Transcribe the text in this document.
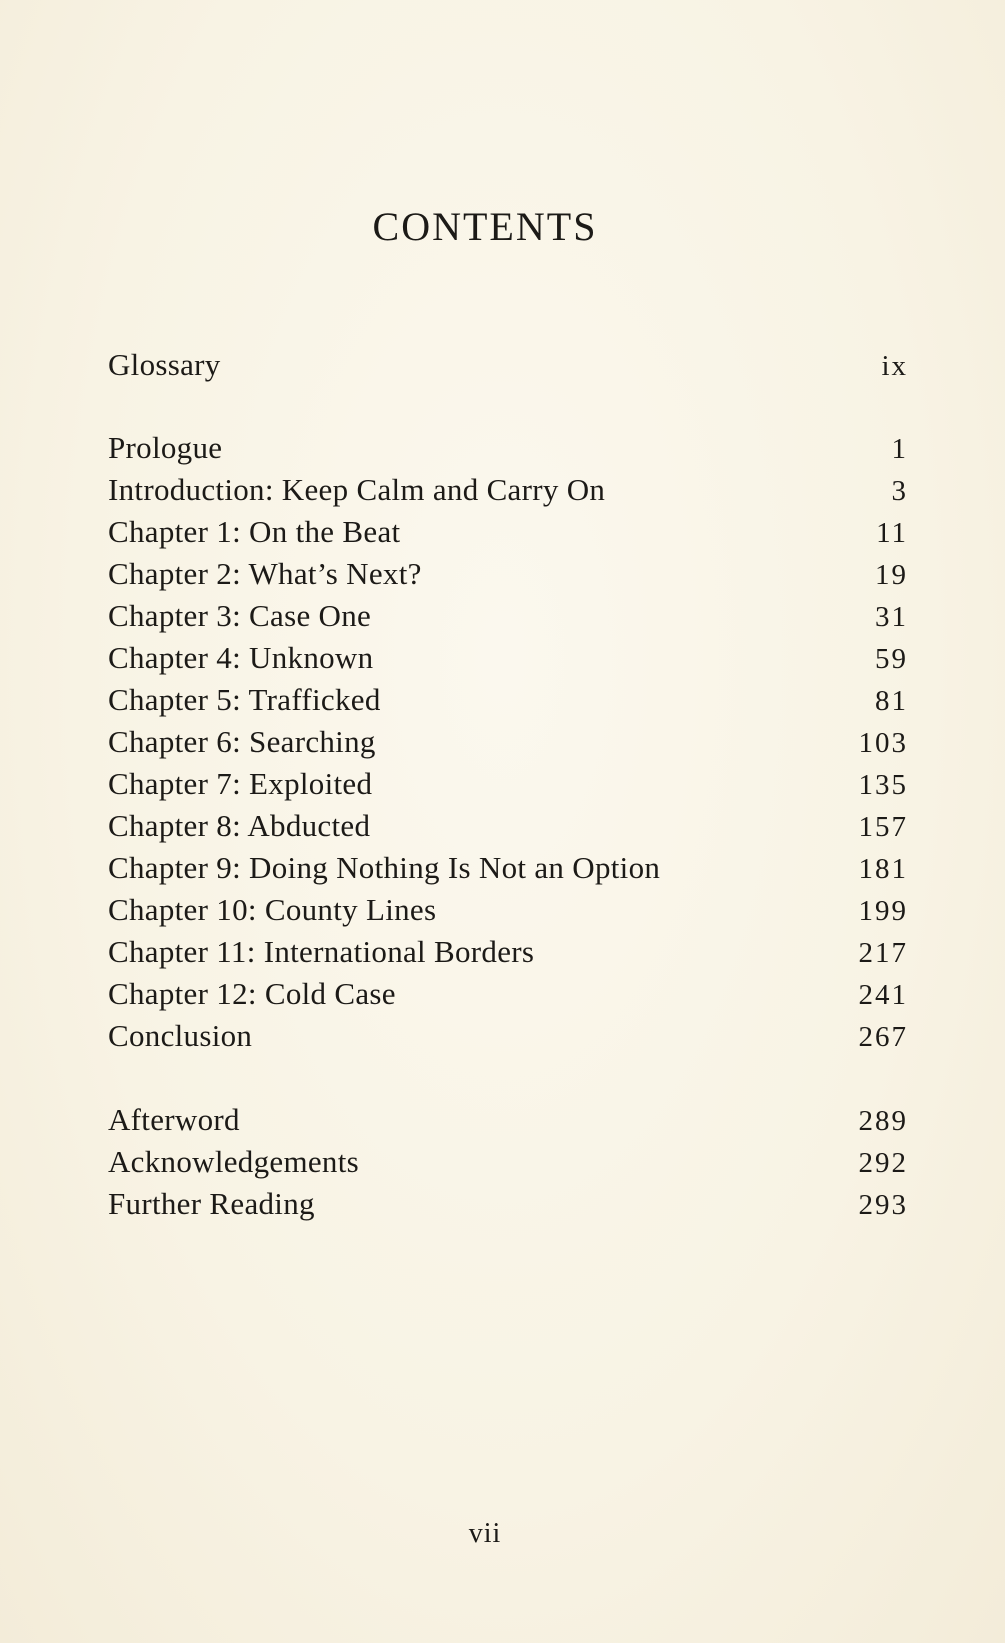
CONTENTS
Glossary	ix
Prologue	1
Introduction: Keep Calm and Carry On	3
Chapter 1: On the Beat	11
Chapter 2: What’s Next?	19
Chapter 3: Case One	31
Chapter 4: Unknown	59
Chapter 5: Trafficked	81
Chapter 6: Searching	103
Chapter 7: Exploited	135
Chapter 8: Abducted	157
Chapter 9: Doing Nothing Is Not an Option	181
Chapter 10: County Lines	199
Chapter 11: International Borders	217
Chapter 12: Cold Case	241
Conclusion	267
Afterword	289
Acknowledgements	292
Further Reading	293
vii
